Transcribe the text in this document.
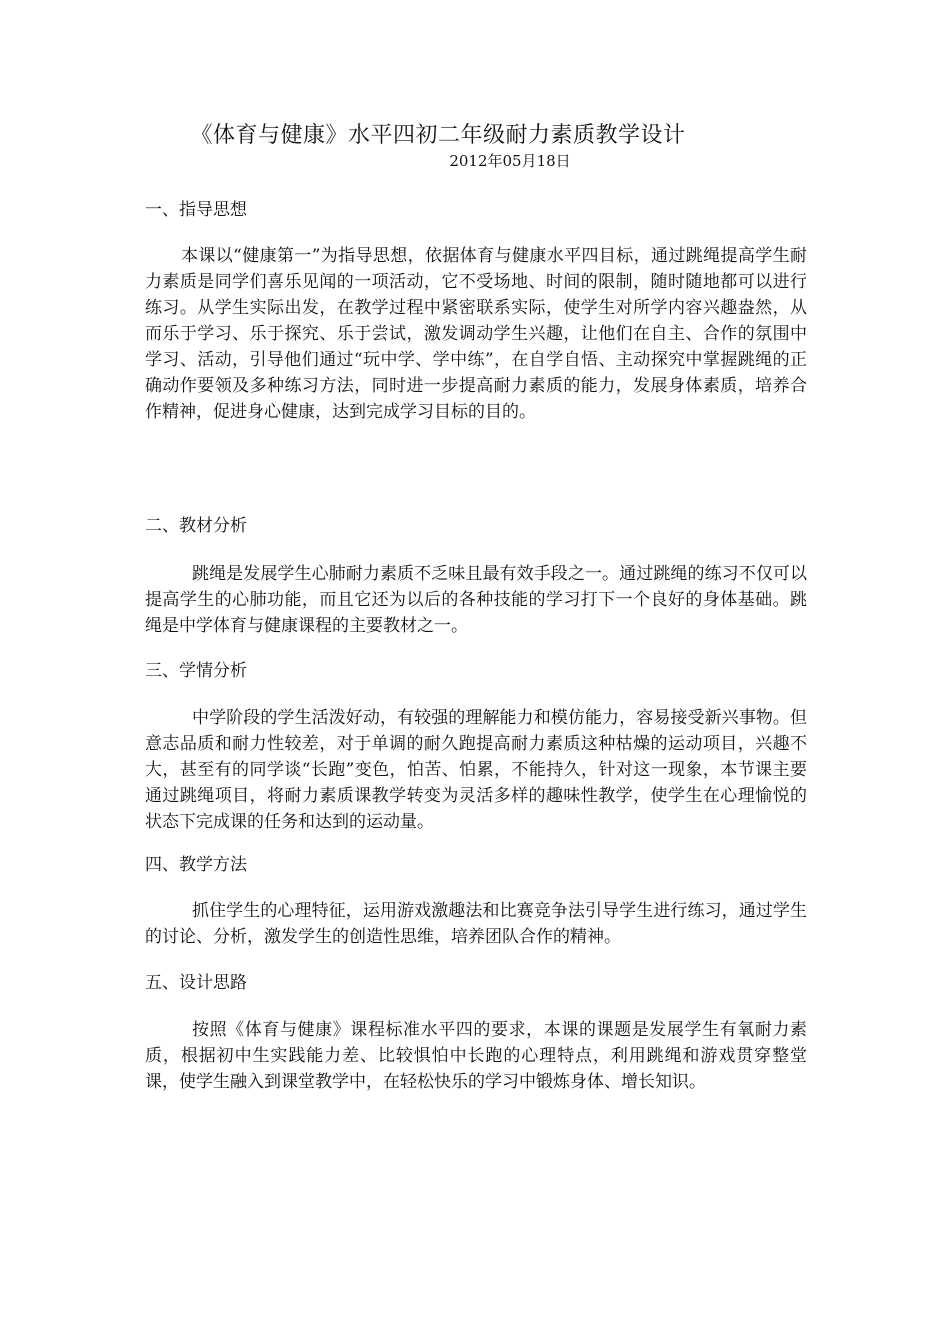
《体育与健康》水平四初二年级耐力素质教学设计
2012年05月18日
一、指导思想
本课以“健康第一”为指导思想，依据体育与健康水平四目标，通过跳绳提高学生耐力素质是同学们喜乐见闻的一项活动，它不受场地、时间的限制，随时随地都可以进行练习。从学生实际出发，在教学过程中紧密联系实际，使学生对所学内容兴趣盎然，从而乐于学习、乐于探究、乐于尝试，激发调动学生兴趣，让他们在自主、合作的氛围中学习、活动，引导他们通过“玩中学、学中练”，在自学自悟、主动探究中掌握跳绳的正确动作要领及多种练习方法，同时进一步提高耐力素质的能力，发展身体素质，培养合作精神，促进身心健康，达到完成学习目标的目的。
二、教材分析
跳绳是发展学生心肺耐力素质不乏味且最有效手段之一。通过跳绳的练习不仅可以提高学生的心肺功能，而且它还为以后的各种技能的学习打下一个良好的身体基础。跳绳是中学体育与健康课程的主要教材之一。
三、学情分析
中学阶段的学生活泼好动，有较强的理解能力和模仿能力，容易接受新兴事物。但意志品质和耐力性较差，对于单调的耐久跑提高耐力素质这种枯燥的运动项目，兴趣不大，甚至有的同学谈“长跑”变色，怕苦、怕累，不能持久，针对这一现象，本节课主要通过跳绳项目，将耐力素质课教学转变为灵活多样的趣味性教学，使学生在心理愉悦的状态下完成课的任务和达到的运动量。
四、教学方法
抓住学生的心理特征，运用游戏激趣法和比赛竞争法引导学生进行练习，通过学生的讨论、分析，激发学生的创造性思维，培养团队合作的精神。
五、设计思路
按照《体育与健康》课程标准水平四的要求，本课的课题是发展学生有氧耐力素质，根据初中生实践能力差、比较惧怕中长跑的心理特点，利用跳绳和游戏贯穿整堂课，使学生融入到课堂教学中，在轻松快乐的学习中锻炼身体、增长知识。
